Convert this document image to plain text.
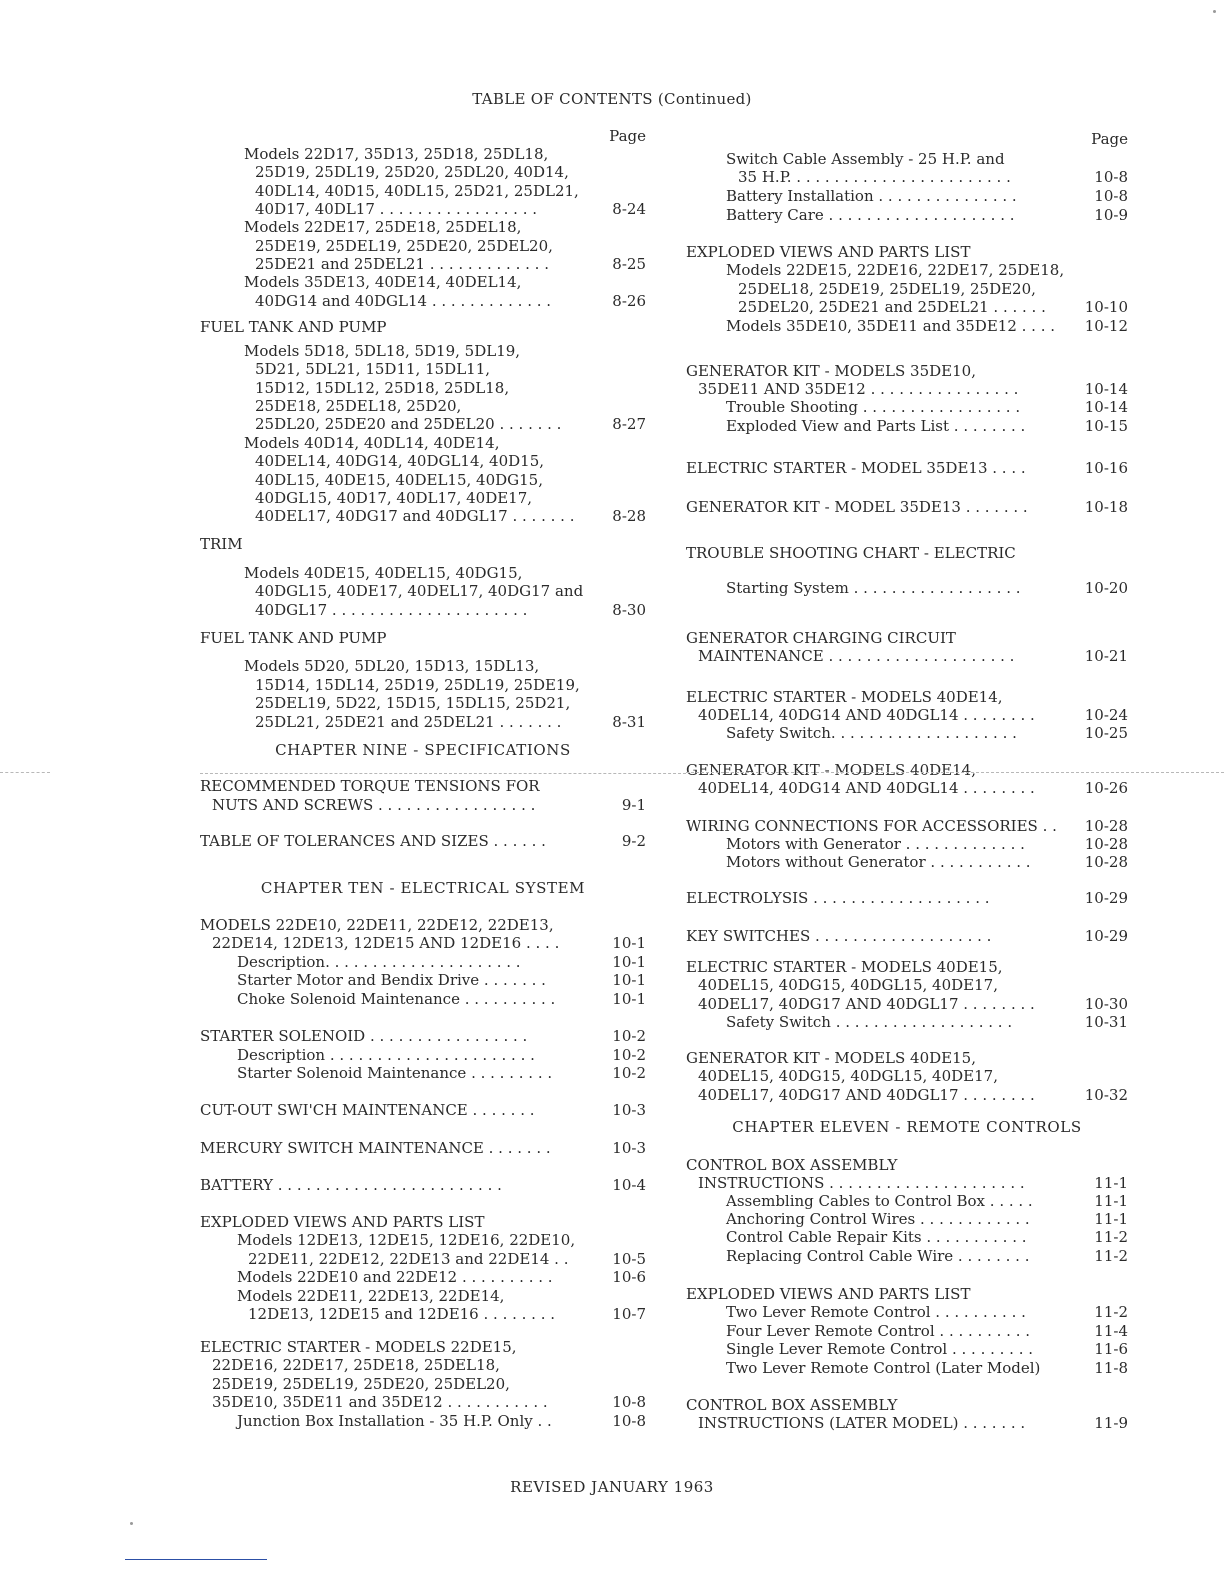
TABLE OF CONTENTS (Continued)
Page
Models 22D17, 35D13, 25D18, 25DL18,
25D19, 25DL19, 25D20, 25DL20, 40D14,
40DL14, 40D15, 40DL15, 25D21, 25DL21,
40D17, 40DL17 . . . . . . . . . . . . . . . . .	8-24
Models 22DE17, 25DE18, 25DEL18,
25DE19, 25DEL19, 25DE20, 25DEL20,
25DE21 and 25DEL21 . . . . . . . . . . . . .	8-25
Models 35DE13, 40DE14, 40DEL14,
40DG14 and 40DGL14 . . . . . . . . . . . . .	8-26
FUEL TANK AND PUMP
Models 5D18, 5DL18, 5D19, 5DL19,
5D21, 5DL21, 15D11, 15DL11,
15D12, 15DL12, 25D18, 25DL18,
25DE18, 25DEL18, 25D20,
25DL20, 25DE20 and 25DEL20 . . . . . . .	8-27
Models 40D14, 40DL14, 40DE14,
40DEL14, 40DG14, 40DGL14, 40D15,
40DL15, 40DE15, 40DEL15, 40DG15,
40DGL15, 40D17, 40DL17, 40DE17,
40DEL17, 40DG17 and 40DGL17 . . . . . . .	8-28
TRIM
Models 40DE15, 40DEL15, 40DG15,
40DGL15, 40DE17, 40DEL17, 40DG17 and
40DGL17 . . . . . . . . . . . . . . . . . . . . .	8-30
FUEL TANK AND PUMP
Models 5D20, 5DL20, 15D13, 15DL13,
15D14, 15DL14, 25D19, 25DL19, 25DE19,
25DEL19, 5D22, 15D15, 15DL15, 25D21,
25DL21, 25DE21 and 25DEL21 . . . . . . .	8-31
CHAPTER NINE - SPECIFICATIONS
RECOMMENDED TORQUE TENSIONS FOR
NUTS AND SCREWS . . . . . . . . . . . . . . . . .	9-1
TABLE OF TOLERANCES AND SIZES . . . . . .	9-2
CHAPTER TEN - ELECTRICAL SYSTEM
MODELS 22DE10, 22DE11, 22DE12, 22DE13,
22DE14, 12DE13, 12DE15 AND 12DE16 . . . .	10-1
Description. . . . . . . . . . . . . . . . . . . . .	10-1
Starter Motor and Bendix Drive . . . . . . .	10-1
Choke Solenoid Maintenance . . . . . . . . . .	10-1
STARTER SOLENOID . . . . . . . . . . . . . . . . .	10-2
Description . . . . . . . . . . . . . . . . . . . . . .	10-2
Starter Solenoid Maintenance . . . . . . . . .	10-2
CUT-OUT SWI'CH MAINTENANCE . . . . . . .	10-3
MERCURY SWITCH MAINTENANCE . . . . . . .	10-3
BATTERY . . . . . . . . . . . . . . . . . . . . . . . .	10-4
EXPLODED VIEWS AND PARTS LIST
Models 12DE13, 12DE15, 12DE16, 22DE10,
22DE11, 22DE12, 22DE13 and 22DE14 . .	10-5
Models 22DE10 and 22DE12 . . . . . . . . . .	10-6
Models 22DE11, 22DE13, 22DE14,
12DE13, 12DE15 and 12DE16 . . . . . . . .	10-7
ELECTRIC STARTER - MODELS 22DE15,
22DE16, 22DE17, 25DE18, 25DEL18,
25DE19, 25DEL19, 25DE20, 25DEL20,
35DE10, 35DE11 and 35DE12 . . . . . . . . . . .	10-8
Junction Box Installation - 35 H.P. Only . .	10-8
Page
Switch Cable Assembly - 25 H.P. and
35 H.P. . . . . . . . . . . . . . . . . . . . . . . .	10-8
Battery Installation . . . . . . . . . . . . . . .	10-8
Battery Care . . . . . . . . . . . . . . . . . . . .	10-9
EXPLODED VIEWS AND PARTS LIST
Models 22DE15, 22DE16, 22DE17, 25DE18,
25DEL18, 25DE19, 25DEL19, 25DE20,
25DEL20, 25DE21 and 25DEL21 . . . . . .	10-10
Models 35DE10, 35DE11 and 35DE12 . . . . 10-12
GENERATOR KIT - MODELS 35DE10,
35DE11 AND 35DE12 . . . . . . . . . . . . . . . .	10-14
Trouble Shooting . . . . . . . . . . . . . . . . .	10-14
Exploded View and Parts List . . . . . . . .	10-15
ELECTRIC STARTER - MODEL 35DE13 . . . .	10-16
GENERATOR KIT - MODEL 35DE13 . . . . . . .	10-18
TROUBLE SHOOTING CHART - ELECTRIC
Starting System . . . . . . . . . . . . . . . . . .	10-20
GENERATOR CHARGING CIRCUIT
MAINTENANCE . . . . . . . . . . . . . . . . . . . .	10-21
ELECTRIC STARTER - MODELS 40DE14,
40DEL14, 40DG14 AND 40DGL14 . . . . . . . .	10-24
Safety Switch. . . . . . . . . . . . . . . . . . . .	10-25
GENERATOR KIT - MODELS 40DE14,
40DEL14, 40DG14 AND 40DGL14 . . . . . . . .	10-26
WIRING CONNECTIONS FOR ACCESSORIES . . 10-28
Motors with Generator . . . . . . . . . . . . .	10-28
Motors without Generator . . . . . . . . . . .	10-28
ELECTROLYSIS . . . . . . . . . . . . . . . . . . .	10-29
KEY SWITCHES . . . . . . . . . . . . . . . . . . .	10-29
ELECTRIC STARTER - MODELS 40DE15,
40DEL15, 40DG15, 40DGL15, 40DE17,
40DEL17, 40DG17 AND 40DGL17 . . . . . . . .	10-30
Safety Switch . . . . . . . . . . . . . . . . . . .	10-31
GENERATOR KIT - MODELS 40DE15,
40DEL15, 40DG15, 40DGL15, 40DE17,
40DEL17, 40DG17 AND 40DGL17 . . . . . . . .	10-32
CHAPTER ELEVEN - REMOTE CONTROLS
CONTROL BOX ASSEMBLY
INSTRUCTIONS . . . . . . . . . . . . . . . . . . . . .	11-1
Assembling Cables to Control Box . . . . .	11-1
Anchoring Control Wires . . . . . . . . . . . .	11-1
Control Cable Repair Kits . . . . . . . . . . .	11-2
Replacing Control Cable Wire . . . . . . . .	11-2
EXPLODED VIEWS AND PARTS LIST
Two Lever Remote Control . . . . . . . . . .	11-2
Four Lever Remote Control . . . . . . . . . .	11-4
Single Lever Remote Control . . . . . . . . .	11-6
Two Lever Remote Control (Later Model)	11-8
CONTROL BOX ASSEMBLY
INSTRUCTIONS (LATER MODEL) . . . . . . .	11-9
REVISED JANUARY 1963
